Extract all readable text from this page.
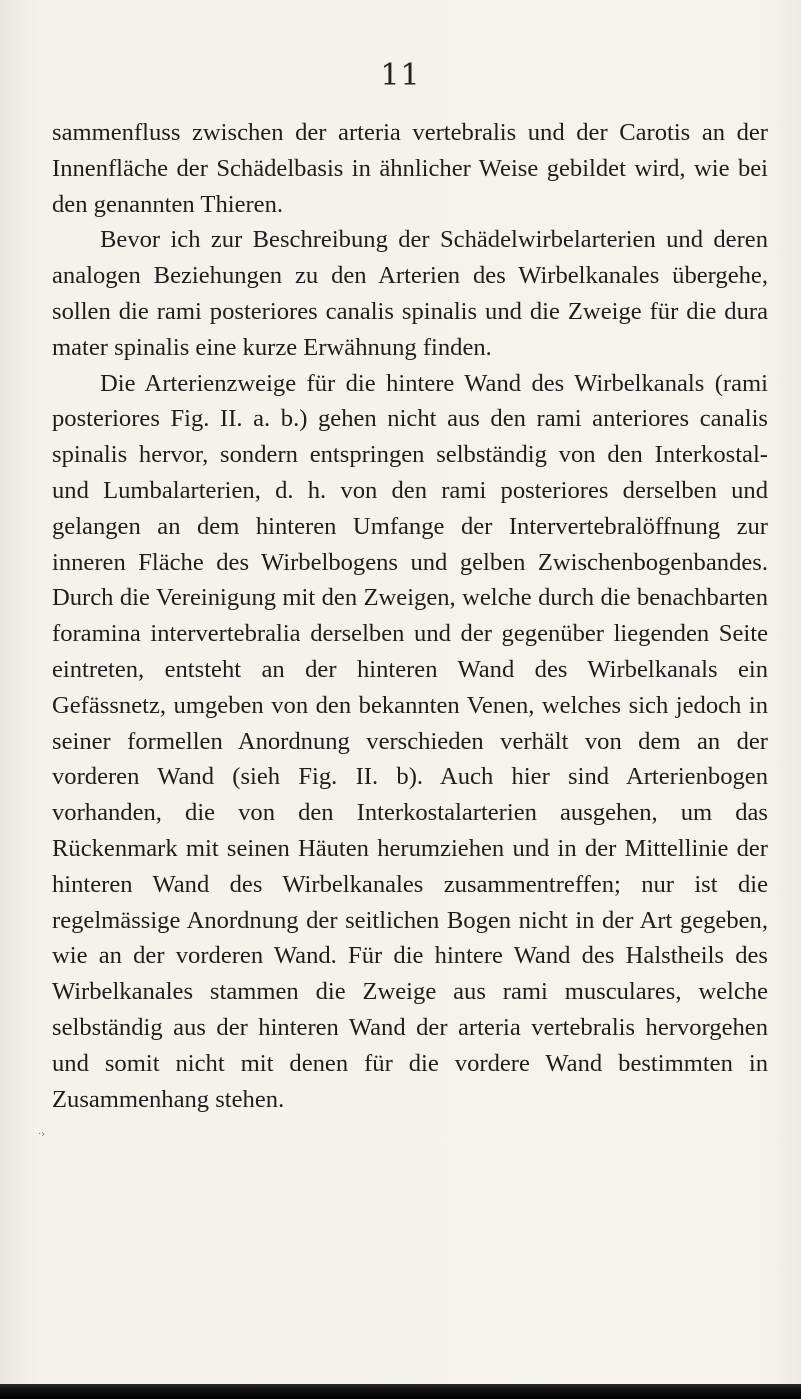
11

sammenfluss zwischen der arteria vertebralis und der Carotis an der Innenfläche der Schädelbasis in ähnlicher Weise gebildet wird, wie bei den genannten Thieren.

Bevor ich zur Beschreibung der Schädelwirbelarterien und deren analogen Beziehungen zu den Arterien des Wirbelkanales übergehe, sollen die rami posteriores canalis spinalis und die Zweige für die dura mater spinalis eine kurze Erwähnung finden.

Die Arterienzweige für die hintere Wand des Wirbelkanals (rami posteriores Fig. II. a. b.) gehen nicht aus den rami anteriores canalis spinalis hervor, sondern entspringen selbständig von den Interkostal- und Lumbalarterien, d. h. von den rami posteriores derselben und gelangen an dem hinteren Umfange der Intervertebralöffnung zur inneren Fläche des Wirbelbogens und gelben Zwischenbogenbandes. Durch die Vereinigung mit den Zweigen, welche durch die benachbarten foramina intervertebralia derselben und der gegenüber liegenden Seite eintreten, entsteht an der hinteren Wand des Wirbelkanals ein Gefässnetz, umgeben von den bekannten Venen, welches sich jedoch in seiner formellen Anordnung verschieden verhält von dem an der vorderen Wand (sieh Fig. II. b). Auch hier sind Arterienbogen vorhanden, die von den Interkostalarterien ausgehen, um das Rückenmark mit seinen Häuten herumziehen und in der Mittellinie der hinteren Wand des Wirbelkanales zusammentreffen; nur ist die regelmässige Anordnung der seitlichen Bogen nicht in der Art gegeben, wie an der vorderen Wand. Für die hintere Wand des Halstheils des Wirbelkanales stammen die Zweige aus rami musculares, welche selbständig aus der hinteren Wand der arteria vertebralis hervorgehen und somit nicht mit denen für die vordere Wand bestimmten in Zusammenhang stehen.

·›
